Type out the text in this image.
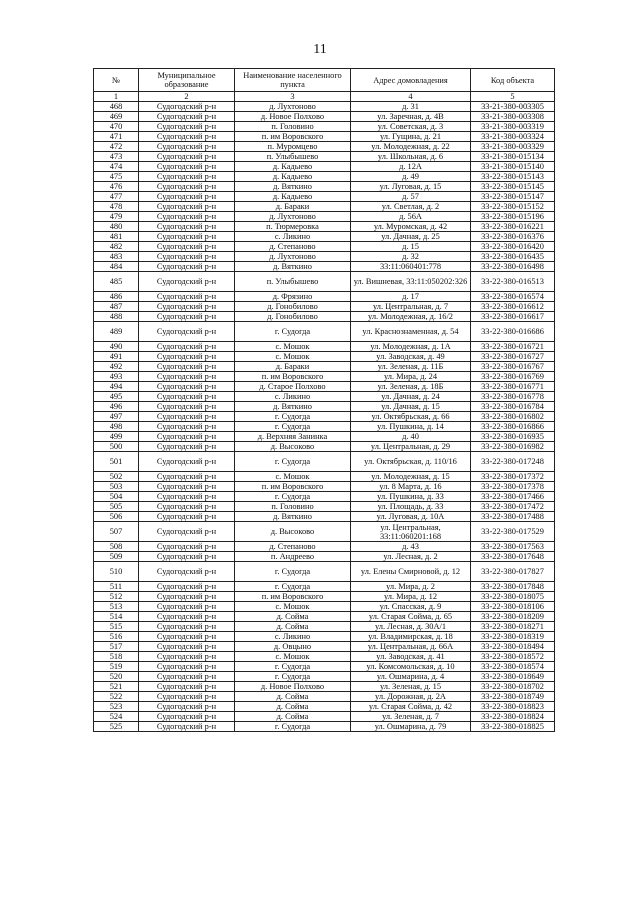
11
№	Муниципальное образование	Наименование населенного пункта	Адрес домовладения	Код объекта
1	2	3	4	5
468	Судогодский р-н	д. Лухтоново	д. 31	33-21-380-003305
469	Судогодский р-н	д. Новое Полхово	ул. Заречная, д. 4В	33-21-380-003308
470	Судогодский р-н	п. Головино	ул. Советская, д. 3	33-21-380-003319
471	Судогодский р-н	п. им Воровского	ул. Гущина, д. 21	33-21-380-003324
472	Судогодский р-н	п. Муромцево	ул. Молодежная, д. 22	33-21-380-003329
473	Судогодский р-н	п. Улыбышево	ул. Школьная, д. 6	33-21-380-015134
474	Судогодский р-н	д. Кадыево	д. 12А	33-21-380-015140
475	Судогодский р-н	д. Кадыево	д. 49	33-22-380-015143
476	Судогодский р-н	д. Вяткино	ул. Луговая, д. 15	33-22-380-015145
477	Судогодский р-н	д. Кадыево	д. 57	33-22-380-015147
478	Судогодский р-н	д. Бараки	ул. Светлая, д. 2	33-22-380-015152
479	Судогодский р-н	д. Лухтоново	д. 56А	33-22-380-015196
480	Судогодский р-н	п. Тюрмеровка	ул. Муромская, д. 42	33-22-380-016221
481	Судогодский р-н	с. Ликино	ул. Дачная, д. 25	33-22-380-016376
482	Судогодский р-н	д. Степаново	д. 15	33-22-380-016420
483	Судогодский р-н	д. Лухтоново	д. 32	33-22-380-016435
484	Судогодский р-н	д. Вяткино	33:11:060401:778	33-22-380-016498
485	Судогодский р-н	п. Улыбышево	ул. Вишневая, 33:11:050202:326	33-22-380-016513
486	Судогодский р-н	д. Фрязино	д. 17	33-22-380-016574
487	Судогодский р-н	д. Гонобилово	ул. Центральная, д. 7	33-22-380-016612
488	Судогодский р-н	д. Гонобилово	ул. Молодежная, д. 16/2	33-22-380-016617
489	Судогодский р-н	г. Судогда	ул. Краснознаменная, д. 54	33-22-380-016686
490	Судогодский р-н	с. Мошок	ул. Молодежная, д. 1А	33-22-380-016721
491	Судогодский р-н	с. Мошок	ул. Заводская, д. 49	33-22-380-016727
492	Судогодский р-н	д. Бараки	ул. Зеленая, д. 11Б	33-22-380-016767
493	Судогодский р-н	п. им Воровского	ул. Мира, д. 24	33-22-380-016769
494	Судогодский р-н	д. Старое Полхово	ул. Зеленая, д. 18Б	33-22-380-016771
495	Судогодский р-н	с. Ликино	ул. Дачная, д. 24	33-22-380-016778
496	Судогодский р-н	д. Вяткино	ул. Дачная, д. 15	33-22-380-016784
497	Судогодский р-н	г. Судогда	ул. Октябрьская, д. 66	33-22-380-016802
498	Судогодский р-н	г. Судогда	ул. Пушкина, д. 14	33-22-380-016866
499	Судогодский р-н	д. Верхняя Занинка	д. 40	33-22-380-016935
500	Судогодский р-н	д. Высоково	ул. Центральная, д. 29	33-22-380-016982
501	Судогодский р-н	г. Судогда	ул. Октябрьская, д. 110/16	33-22-380-017248
502	Судогодский р-н	с. Мошок	ул. Молодежная, д. 15	33-22-380-017372
503	Судогодский р-н	п. им Воровского	ул. 8 Марта, д. 16	33-22-380-017378
504	Судогодский р-н	г. Судогда	ул. Пушкина, д. 33	33-22-380-017466
505	Судогодский р-н	п. Головино	ул. Площадь, д. 33	33-22-380-017472
506	Судогодский р-н	д. Вяткино	ул. Луговая, д. 10А	33-22-380-017488
507	Судогодский р-н	д. Высоково	ул. Центральная, 33:11:060201:168	33-22-380-017529
508	Судогодский р-н	д. Степаново	д. 43	33-22-380-017563
509	Судогодский р-н	п. Андреево	ул. Лесная, д. 2	33-22-380-017648
510	Судогодский р-н	г. Судогда	ул. Елены Смирновой, д. 12	33-22-380-017827
511	Судогодский р-н	г. Судогда	ул. Мира, д. 2	33-22-380-017848
512	Судогодский р-н	п. им Воровского	ул. Мира, д. 12	33-22-380-018075
513	Судогодский р-н	с. Мошок	ул. Спасская, д. 9	33-22-380-018106
514	Судогодский р-н	д. Сойма	ул. Старая Сойма, д. 65	33-22-380-018209
515	Судогодский р-н	д. Сойма	ул. Лесная, д. 30А/1	33-22-380-018271
516	Судогодский р-н	с. Ликино	ул. Владимирская, д. 18	33-22-380-018319
517	Судогодский р-н	д. Овцыно	ул. Центральная, д. 66А	33-22-380-018494
518	Судогодский р-н	с. Мошок	ул. Заводская, д. 41	33-22-380-018572
519	Судогодский р-н	г. Судогда	ул. Комсомольская, д. 10	33-22-380-018574
520	Судогодский р-н	г. Судогда	ул. Ошмарина, д. 4	33-22-380-018649
521	Судогодский р-н	д. Новое Полхово	ул. Зеленая, д. 15	33-22-380-018702
522	Судогодский р-н	д. Сойма	ул. Дорожная, д. 2А	33-22-380-018749
523	Судогодский р-н	д. Сойма	ул. Старая Сойма, д. 42	33-22-380-018823
524	Судогодский р-н	д. Сойма	ул. Зеленая, д. 7	33-22-380-018824
525	Судогодский р-н	г. Судогда	ул. Ошмарина, д. 79	33-22-380-018825
